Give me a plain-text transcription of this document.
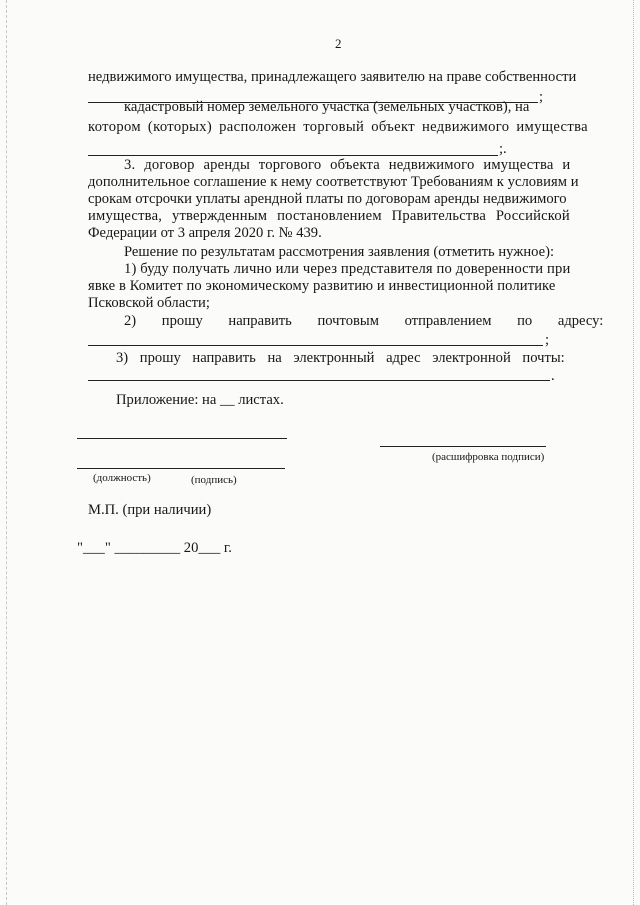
2
недвижимого имущества, принадлежащего заявителю на праве собственности
;
кадастровый номер земельного участка (земельных участков), на
котором (которых) расположен торговый объект недвижимого имущества
;.
3. договор аренды торгового объекта недвижимого имущества и
дополнительное соглашение к нему соответствуют Требованиям к условиям и
срокам отсрочки уплаты арендной платы по договорам аренды недвижимого
имущества, утвержденным постановлением Правительства Российской
Федерации от 3 апреля 2020 г. № 439.
Решение по результатам рассмотрения заявления (отметить нужное):
1) буду получать лично или через представителя по доверенности при
явке в Комитет по экономическому развитию и инвестиционной политике
Псковской области;
2) прошу направить почтовым отправлением по адресу:
;
3) прошу направить на электронный адрес электронной почты:
.
Приложение: на __ листах.
(расшифровка подписи)
(должность)	(подпись)
М.П. (при наличии)
"___" _________ 20___ г.
